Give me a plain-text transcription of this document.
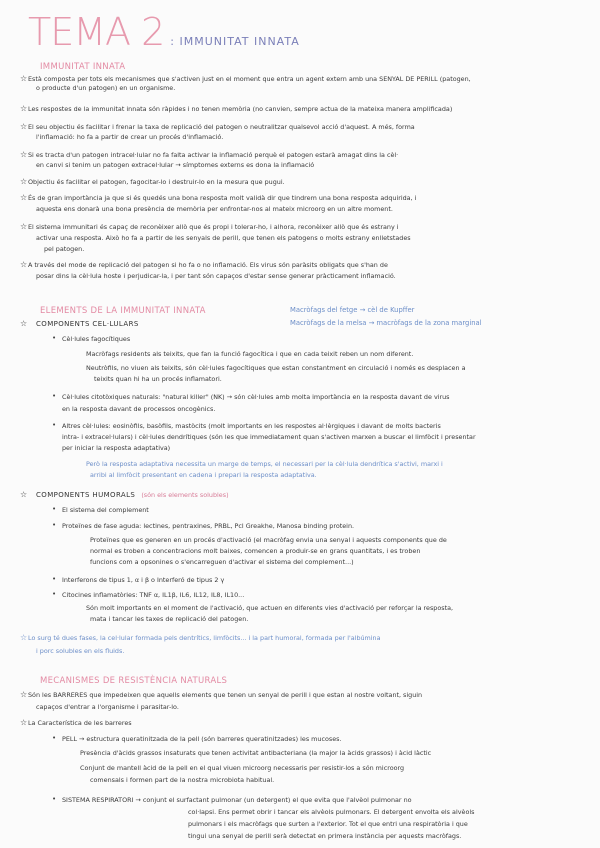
TEMA 2 : IMMUNITAT INNATA
IMMUNITAT INNATA
☆ Està composta per tots els mecanismes que s'activen just en el moment que entra un agent extern amb una SENYAL DE PERILL (patogen,
o producte d'un patogen) en un organisme.
☆ Les respostes de la immunitat innata són ràpides i no tenen memòria (no canvien, sempre actua de la mateixa manera amplificada)
☆ El seu objectiu és facilitar i frenar la taxa de replicació del patogen o neutralitzar qualsevol acció d'aquest. A més, forma
l'inflamació: ho fa a partir de crear un procés d'inflamació.
☆ Si es tracta d'un patogen intracel·lular no fa falta activar la inflamació perquè el patogen estarà amagat dins la cèl·
en canvi si tenim un patogen extracel·lular → símptomes externs es dona la inflamació
☆ Objectiu és facilitar el patogen, fagocitar-lo i destruir-lo en la mesura que pugui.
☆ És de gran importància ja que si és quedés una bona resposta molt validà dir que tindrem una bona resposta adquirida, i
aquesta ens donarà una bona presència de memòria per enfrontar-nos al mateix microorg en un altre moment.
☆ El sistema immunitari és capaç de reconèixer allò que és propi i tolerar-ho, i alhora, reconèixer allò que és estrany i
activar una resposta. Això ho fa a partir de les senyals de perill, que tenen els patogens o molts estrany enlletstades
pel patogen.
☆ A través del mode de replicació del patogen si ho fa o no inflamació. Els virus són paràsits obligats que s'han de
posar dins la cèl·lula hoste i perjudicar-la, i per tant són capaços d'estar sense generar pràcticament inflamació.
ELEMENTS DE LA IMMUNITAT INNATA	Macròfags del fetge → cèl de Kupffer
Macròfags de la melsa → macròfags de la zona marginal
☆ COMPONENTS CEL·LULARS
• Cèl·lules fagocítiques
Macròfags residents als teixits, que fan la funció fagocítica i que en cada teixit reben un nom diferent.
Neutròfils, no viuen als teixits, són cèl·lules fagocítiques que estan constantment en circulació i només es desplacen a
teixits quan hi ha un procés inflamatori.
• Cèl·lules citotòxiques naturals: "natural killer" (NK) → són cèl·lules amb molta importància en la resposta davant de virus
en la resposta davant de processos oncogènics.
• Altres cèl·lules: eosinòfils, basòfils, mastòcits (molt importants en les respostes al·lèrgiques i davant de molts bacteris
intra- i extracel·lulars) i cèl·lules dendrítiques (són les que immediatament quan s'activen marxen a buscar el limfòcit i presentar
per iniciar la resposta adaptativa)
Però la resposta adaptativa necessita un marge de temps, el necessari per la cèl·lula dendrítica s'activi, marxi i
arribi al limfòcit presentant en cadena i prepari la resposta adaptativa.
☆ COMPONENTS HUMORALS (són els elements solubles)
• El sistema del complement
• Proteïnes de fase aguda: lectines, pentraxines, PRBL, Pcl Greakhe, Manosa binding protein.
Proteïnes que es generen en un procés d'activació (el macròfag envia una senyal i aquests components que de
normal es troben a concentracions molt baixes, comencen a produir-se en grans quantitats, i es troben
funcions com a opsonines o s'encarreguen d'activar el sistema del complement...)
• Interferons de tipus 1, α i β o Interferó de tipus 2 γ
• Citocines inflamatòries: TNF α, IL1β, IL6, IL12, IL8, IL10...
Són molt importants en el moment de l'activació, que actuen en diferents vies d'activació per reforçar la resposta,
mata i tancar les taxes de replicació del patogen.
☆ Lo surg té dues fases, la cel·lular formada pels dentrítics, limfòcits... i la part humoral, formada per l'albúmina
i porc solubles en els fluids.
MECANISMES DE RESISTÈNCIA NATURALS
☆ Són les BARRERES que impedeixen que aquells elements que tenen un senyal de perill i que estan al nostre voltant, siguin
capaços d'entrar a l'organisme i parasitar-lo.
☆ La Característica de les barreres
• PELL → estructura queratinitzada de la pell (són barreres queratinitzades) les mucoses.
Presència d'àcids grassos insaturats que tenen activitat antibacteriana (la major la àcids grassos) i àcid làctic
Conjunt de mantell àcid de la pell en el qual viuen microorg necessaris per resistir-los a són microorg
comensals i formen part de la nostra microbiota habitual.
• SISTEMA RESPIRATORI → conjunt el surfactant pulmonar (un detergent) el que evita que l'alvèol pulmonar no
col·lapsi. Ens permet obrir i tancar els alvèols pulmonars. El detergent envolta els alvèols
pulmonars i els macròfags que surten a l'exterior. Tot el que entri una respiratòria i que
tingui una senyal de perill serà detectat en primera instància per aquests macròfags.
